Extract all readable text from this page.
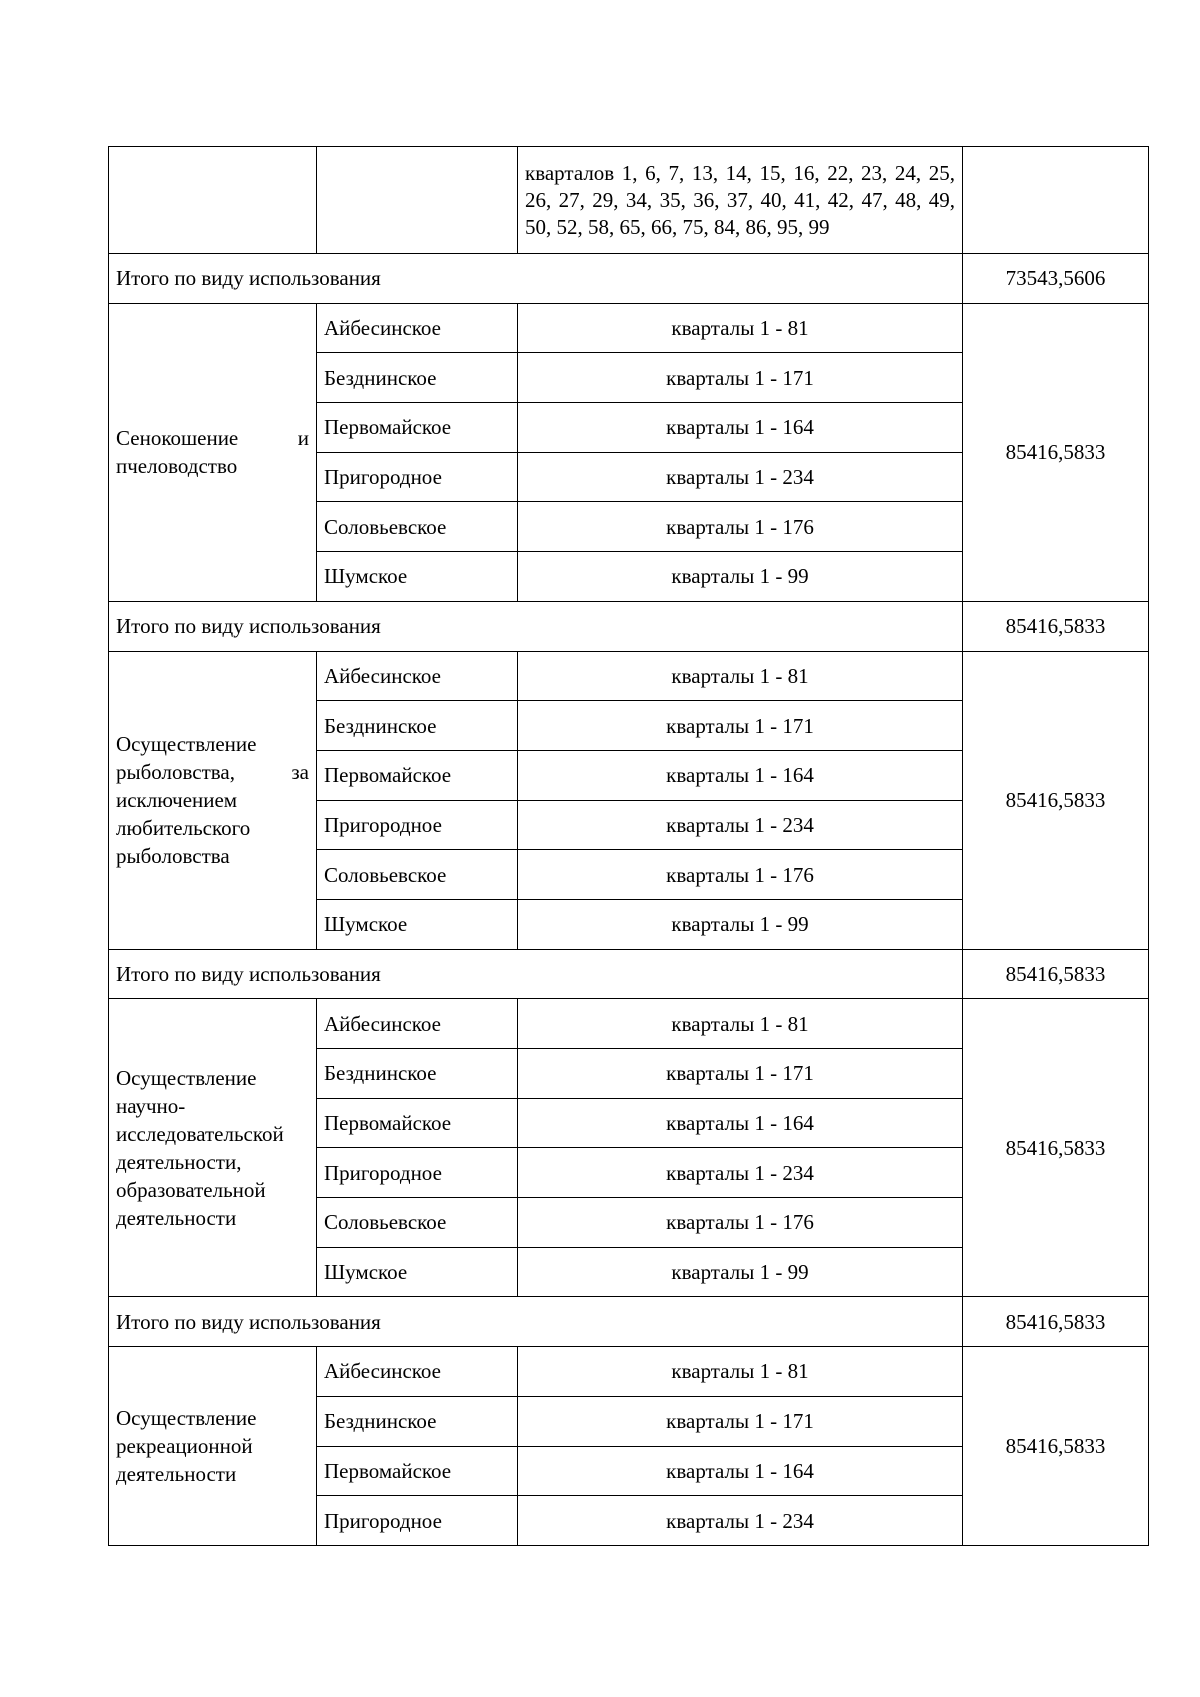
		кварталов 1, 6, 7, 13, 14, 15, 16, 22, 23, 24, 25, 26, 27, 29, 34, 35, 36, 37, 40, 41, 42, 47, 48, 49, 50, 52, 58, 65, 66, 75, 84, 86, 95, 99	
Итого по виду использования			73543,5606
Сенокошение и пчеловодство	Айбесинское	кварталы 1 - 81	85416,5833
	Безднинское	кварталы 1 - 171	
	Первомайское	кварталы 1 - 164	
	Пригородное	кварталы 1 - 234	
	Соловьевское	кварталы 1 - 176	
	Шумское	кварталы 1 - 99	
Итого по виду использования			85416,5833
Осуществление рыболовства, за исключением любительского рыболовства	Айбесинское	кварталы 1 - 81	85416,5833
	Безднинское	кварталы 1 - 171	
	Первомайское	кварталы 1 - 164	
	Пригородное	кварталы 1 - 234	
	Соловьевское	кварталы 1 - 176	
	Шумское	кварталы 1 - 99	
Итого по виду использования			85416,5833
Осуществление научно-исследовательской деятельности, образовательной деятельности	Айбесинское	кварталы 1 - 81	85416,5833
	Безднинское	кварталы 1 - 171	
	Первомайское	кварталы 1 - 164	
	Пригородное	кварталы 1 - 234	
	Соловьевское	кварталы 1 - 176	
	Шумское	кварталы 1 - 99	
Итого по виду использования			85416,5833
Осуществление рекреационной деятельности	Айбесинское	кварталы 1 - 81	85416,5833
	Безднинское	кварталы 1 - 171	
	Первомайское	кварталы 1 - 164	
	Пригородное	кварталы 1 - 234	
